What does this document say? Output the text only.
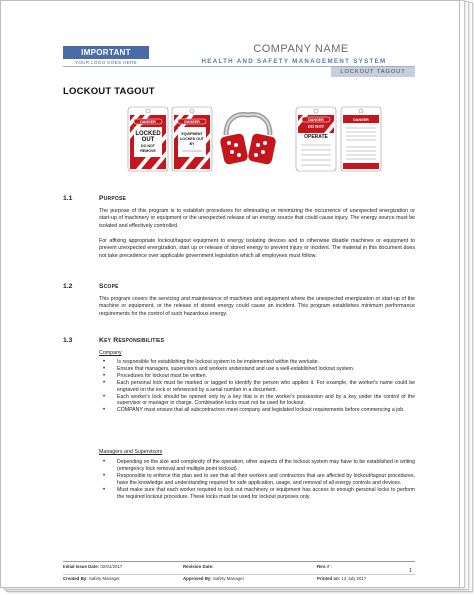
IMPORTANT
YOUR LOGO GOES HERE
COMPANY NAME
HEALTH AND SAFETY MANAGEMENT SYSTEM
LOCKOUT TAGOUT
LOCKOUT TAGOUT
DANGER
LOCKED
OUT
DO NOT
REMOVE
DANGER
EQUIPMENT
LOCKED OUT
BY
DANGER
DO NOT
OPERATE
DANGER
1.1	Purpose
The purpose of this program is to establish procedures for eliminating or minimizing the occurrence of unexpected energization or start-up of machinery or equipment or the unexpected release of an energy source that could cause injury. The energy source must be isolated and effectively controlled.
For affixing appropriate lockout/tagout equipment to energy isolating devices and to otherwise disable machines or equipment to prevent unexpected energization, start up or release of stored energy to prevent injury or incident. The material in this document does not take precedence over applicable government legislation which all employees must follow.
1.2	Scope
This program covers the servicing and maintenance of machines and equipment where the unexpected energization or start-up of the machine or equipment, or the release of stored energy could cause an incident. This program establishes minimum performance requirements for the control of such hazardous energy.
1.3	Key Responsibilities
Company
• Is responsible for establishing the lockout system to be implemented within the worksite.
• Ensure that managers, supervisors and workers understand and use a well-established lockout system.
• Procedures for lockout must be written.
• Each personal lock must be marked or tagged to identify the person who applies it. For example, the worker's name could be engraved on the lock or referenced by a serial number in a document.
• Each worker's lock should be opened only by a key that is in the worker's possession and by a key under the control of the supervisor or manager in charge. Combination locks must not be used for lockout.
• COMPANY must ensure that all subcontractors meet company and legislated lockout requirements before commencing a job.
Managers and Supervisors
• Depending on the size and complexity of the operation, other aspects of the lockout system may have to be established in writing (emergency lock removal and multiple point lockout).
• Responsible to enforce this plan and to see that all their workers and contractors that are affected by lockout/tagout procedures, have the knowledge and understanding required for safe application, usage, and removal of all energy controls and devices.
• Must make sure that each worker required to lock out machinery or equipment has access to enough personal locks to perform the required lockout procedure. These locks must be used for lockout purposes only.
Initial Issue Date: 02/01/2017	Revision Date:	Rev. # :
Created By: Safety Manager	Approved By: Safety Manager	Printed on: 13 July 2017
1
